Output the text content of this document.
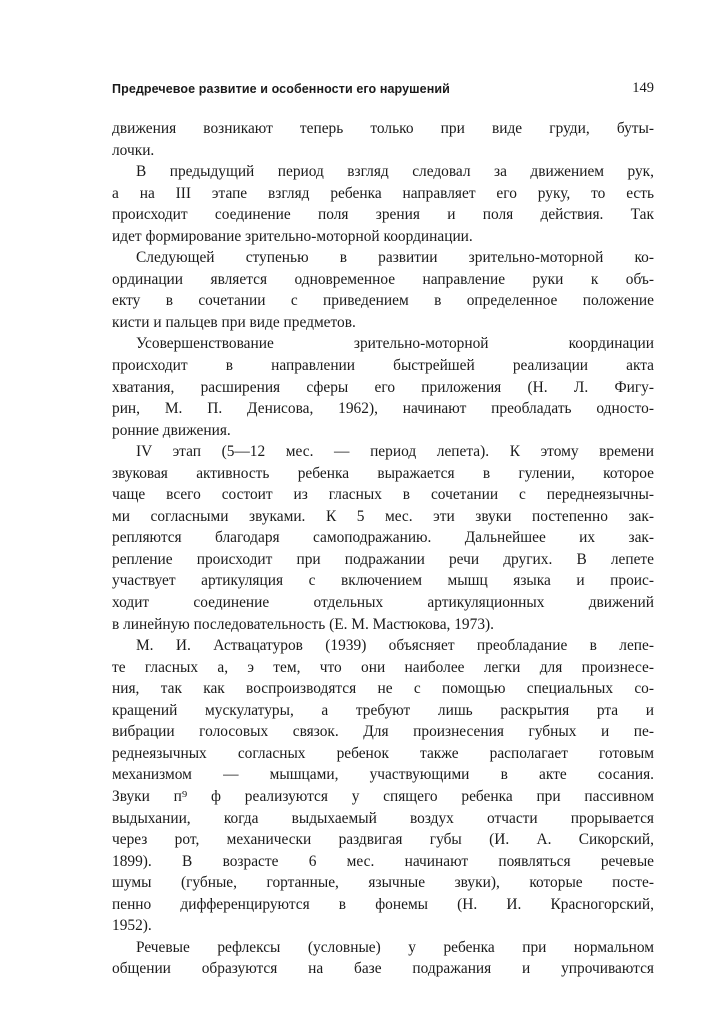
Предречевое развитие и особенности его нарушений	149
движения возникают теперь только при виде груди, буты-
лочки.
В предыдущий период взгляд следовал за движением рук,
а на III этапе взгляд ребенка направляет его руку, то есть
происходит соединение поля зрения и поля действия. Так
идет формирование зрительно-моторной координации.
Следующей ступенью в развитии зрительно-моторной ко-
ординации является одновременное направление руки к объ-
екту в сочетании с приведением в определенное положение
кисти и пальцев при виде предметов.
Усовершенствование зрительно-моторной координации
происходит в направлении быстрейшей реализации акта
хватания, расширения сферы его приложения (Н. Л. Фигу-
рин, М. П. Денисова, 1962), начинают преобладать односто-
ронние движения.
IV этап (5—12 мес. — период лепета). К этому времени
звуковая активность ребенка выражается в гулении, которое
чаще всего состоит из гласных в сочетании с переднеязычны-
ми согласными звуками. К 5 мес. эти звуки постепенно зак-
репляются благодаря самоподражанию. Дальнейшее их зак-
репление происходит при подражании речи других. В лепете
участвует артикуляция с включением мышц языка и проис-
ходит соединение отдельных артикуляционных движений
в линейную последовательность (Е. М. Мастюкова, 1973).
М. И. Аствацатуров (1939) объясняет преобладание в лепе-
те гласных а, э тем, что они наиболее легки для произнесе-
ния, так как воспроизводятся не с помощью специальных со-
кращений мускулатуры, а требуют лишь раскрытия рта и
вибрации голосовых связок. Для произнесения губных и пе-
реднеязычных согласных ребенок также располагает готовым
механизмом — мышцами, участвующими в акте сосания.
Звуки п⁹ ф реализуются у спящего ребенка при пассивном
выдыхании, когда выдыхаемый воздух отчасти прорывается
через рот, механически раздвигая губы (И. А. Сикорский,
1899). В возрасте 6 мес. начинают появляться речевые
шумы (губные, гортанные, язычные звуки), которые посте-
пенно дифференцируются в фонемы (Н. И. Красногорский,
1952).
Речевые рефлексы (условные) у ребенка при нормальном
общении образуются на базе подражания и упрочиваются
